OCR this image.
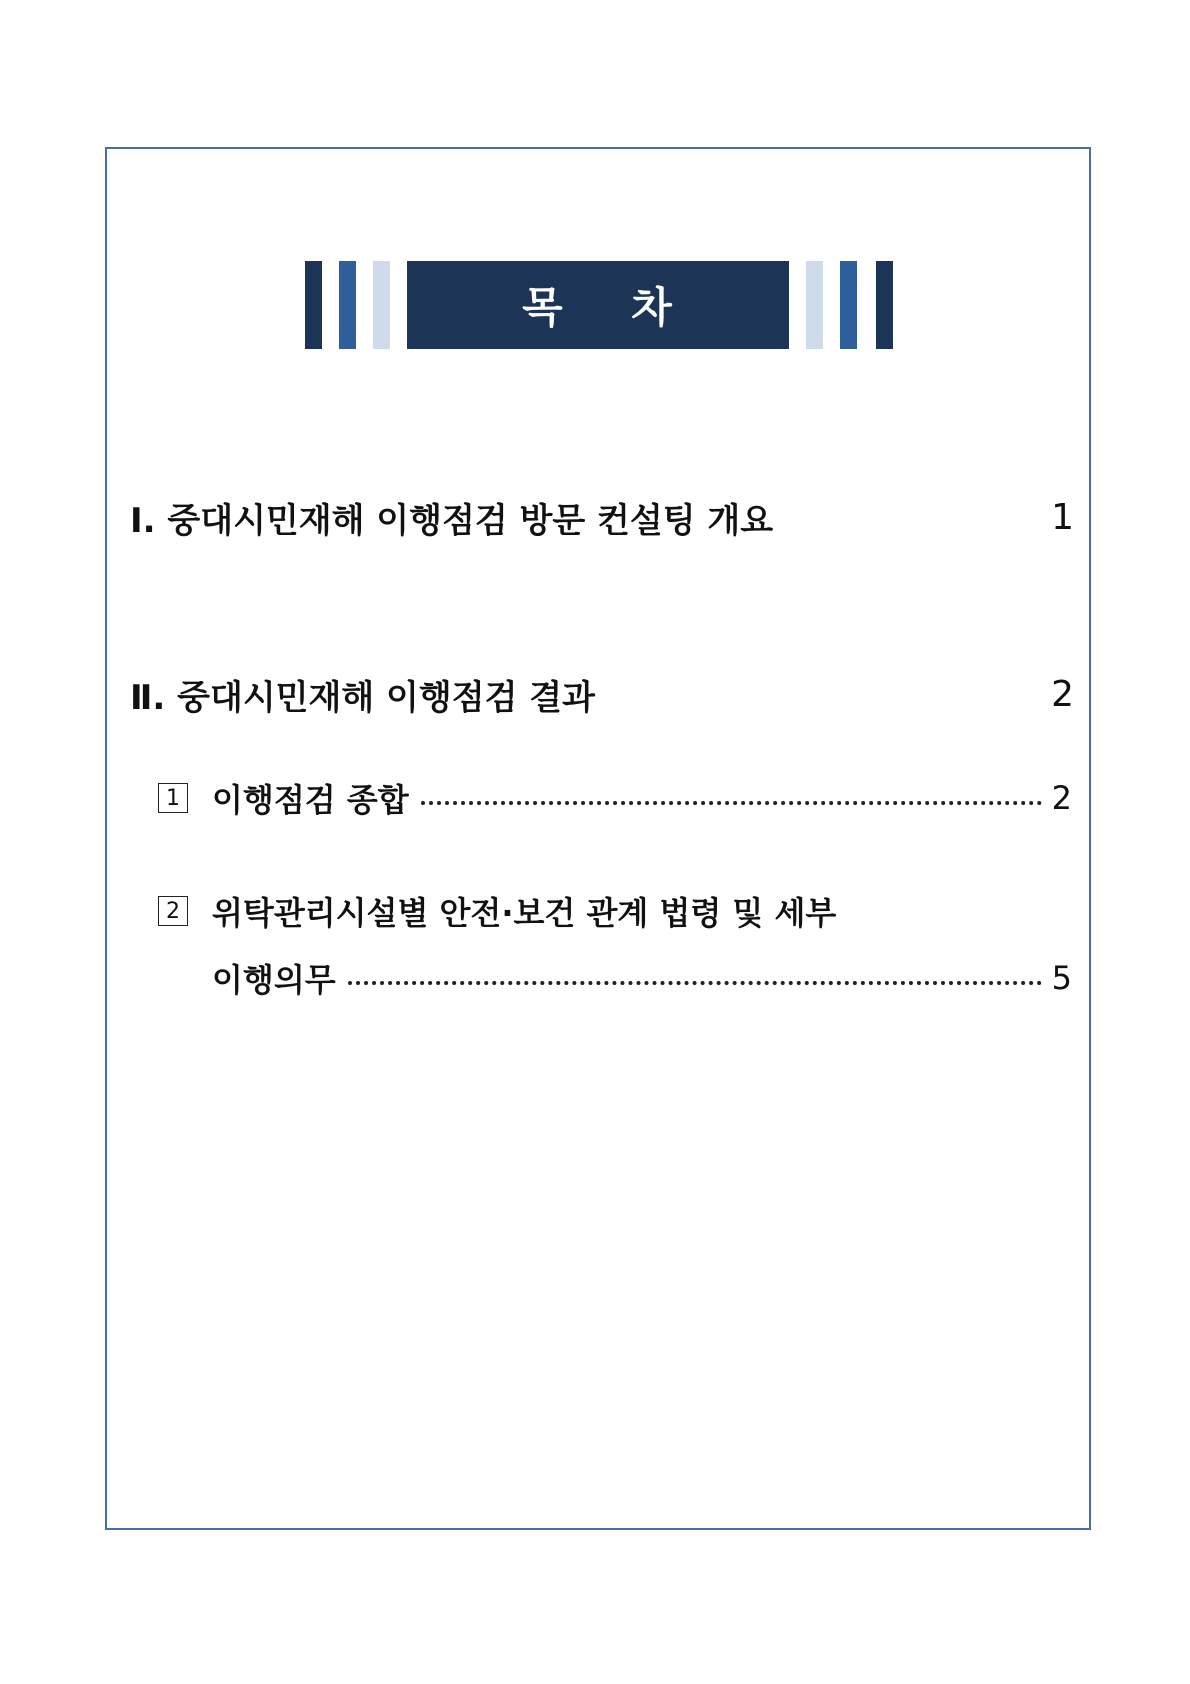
목    차
Ⅰ. 중대시민재해 이행점검 방문 컨설팅 개요	1
Ⅱ. 중대시민재해 이행점검 결과	2
1 이행점검 종합	2
2 위탁관리시설별 안전·보건 관계 법령 및 세부
이행의무	5
